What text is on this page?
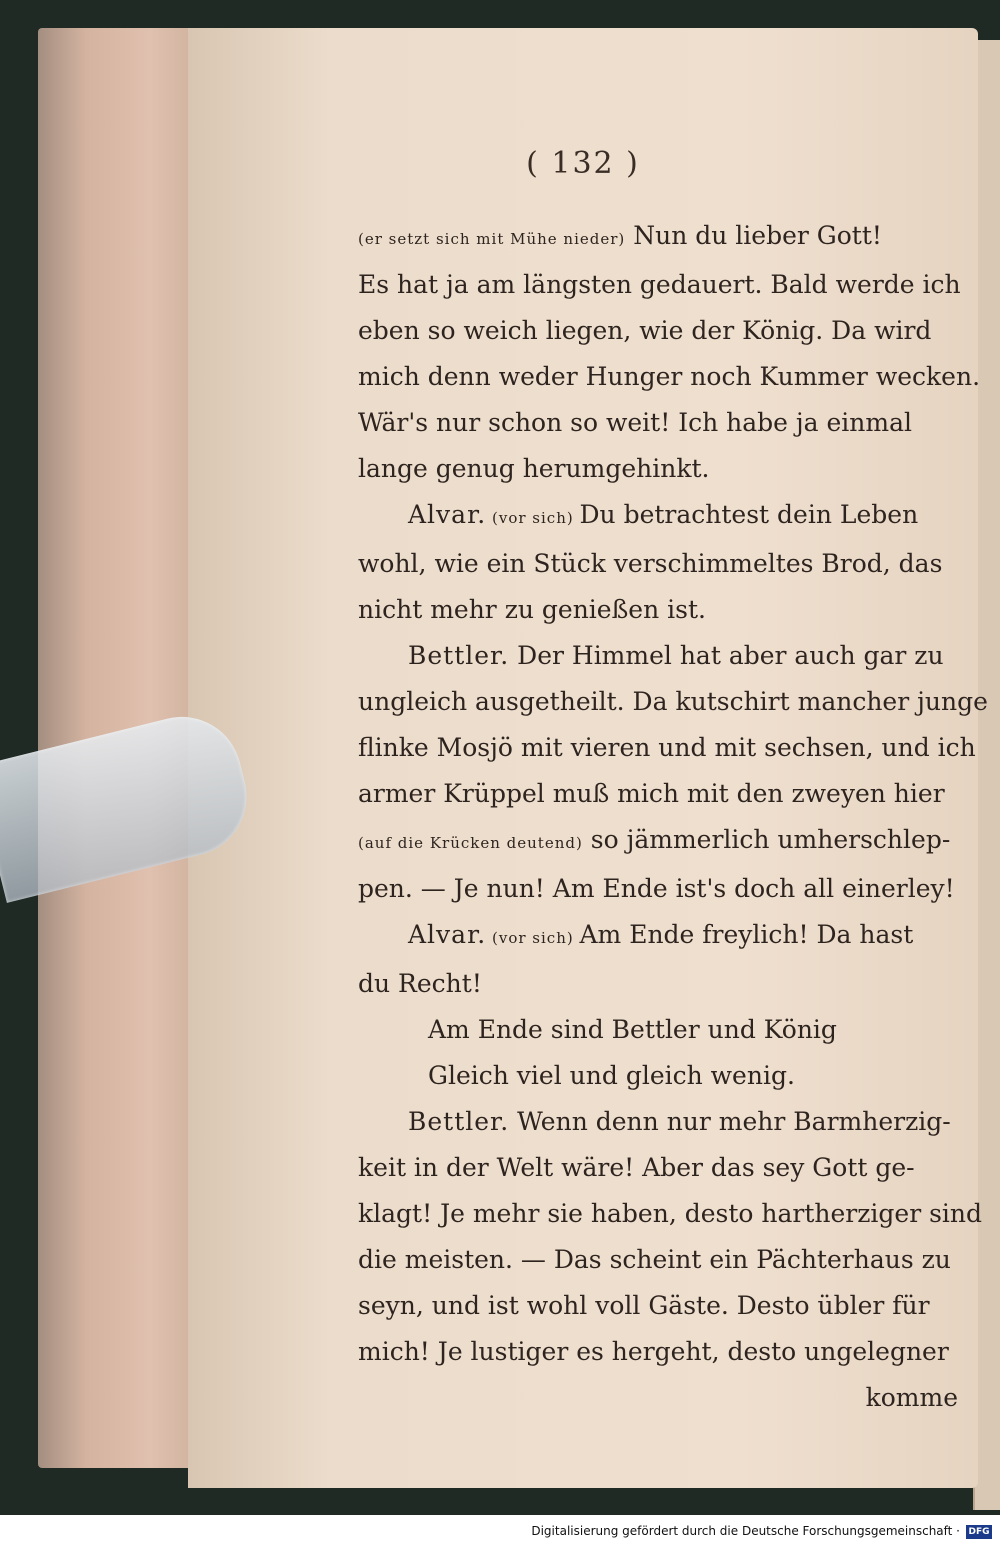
( 132 )
(er setzt sich mit Mühe nieder) Nun du lieber Gott!
Es hat ja am längsten gedauert. Bald werde ich
eben so weich liegen, wie der König. Da wird
mich denn weder Hunger noch Kummer wecken.
Wär's nur schon so weit! Ich habe ja einmal
lange genug herumgehinkt.
Alvar. (vor sich) Du betrachtest dein Leben
wohl, wie ein Stück verschimmeltes Brod, das
nicht mehr zu genießen ist.
Bettler. Der Himmel hat aber auch gar zu
ungleich ausgetheilt. Da kutschirt mancher junge
flinke Mosjö mit vieren und mit sechsen, und ich
armer Krüppel muß mich mit den zweyen hier
(auf die Krücken deutend) so jämmerlich umherschlep-
pen. — Je nun! Am Ende ist's doch all einerley!
Alvar. (vor sich) Am Ende freylich! Da hast
du Recht!
Am Ende sind Bettler und König
Gleich viel und gleich wenig.
Bettler. Wenn denn nur mehr Barmherzig-
keit in der Welt wäre! Aber das sey Gott ge-
klagt! Je mehr sie haben, desto hartherziger sind
die meisten. — Das scheint ein Pächterhaus zu
seyn, und ist wohl voll Gäste. Desto übler für
mich! Je lustiger es hergeht, desto ungelegner
komme
Digitalisierung gefördert durch die Deutsche Forschungsgemeinschaft · DFG
